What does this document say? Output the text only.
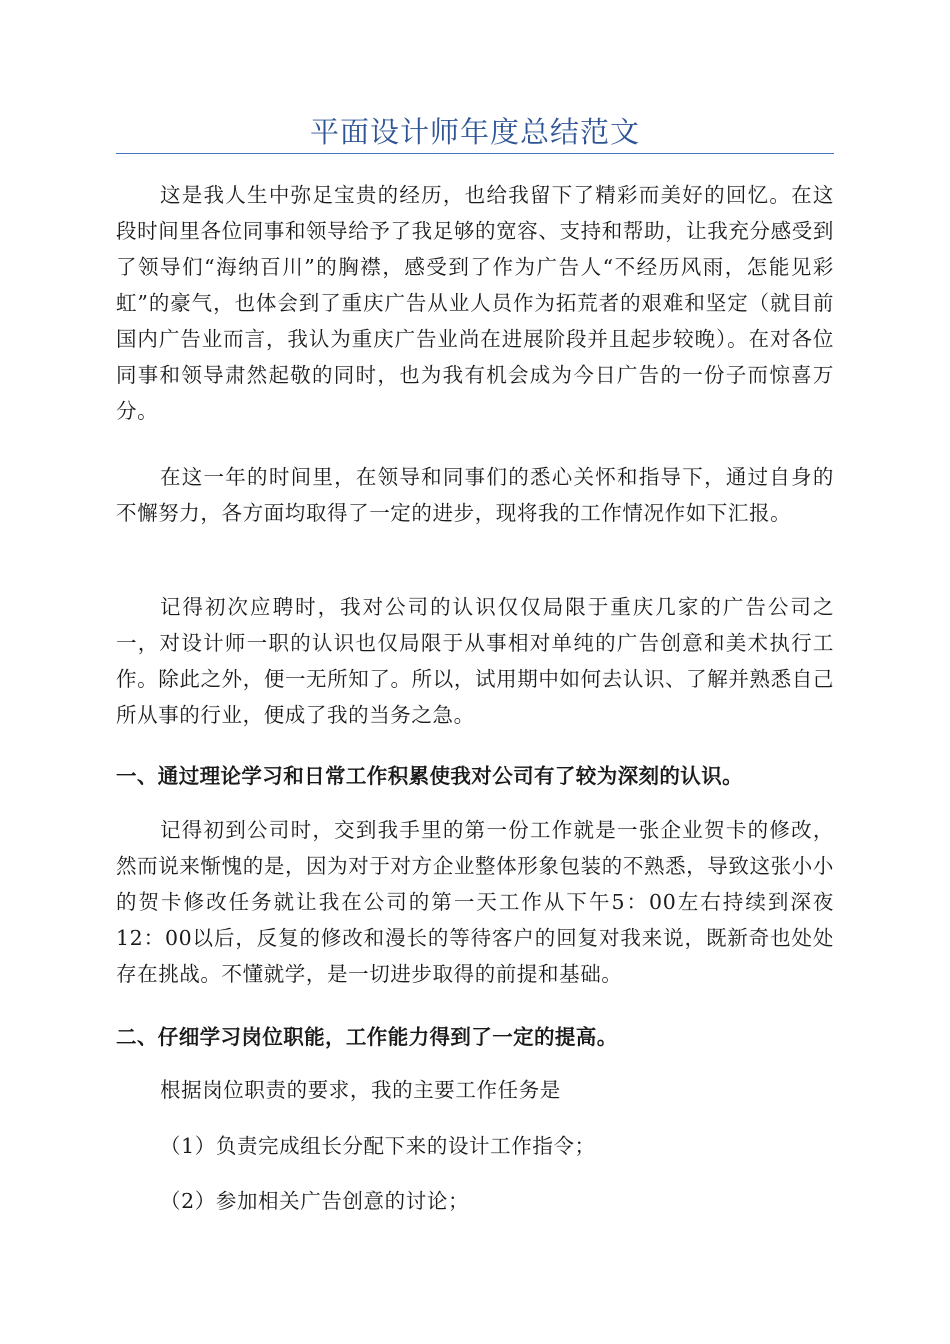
平面设计师年度总结范文

这是我人生中弥足宝贵的经历，也给我留下了精彩而美好的回忆。在这段时间里各位同事和领导给予了我足够的宽容、支持和帮助，让我充分感受到了领导们“海纳百川”的胸襟，感受到了作为广告人“不经历风雨，怎能见彩虹”的豪气，也体会到了重庆广告从业人员作为拓荒者的艰难和坚定（就目前国内广告业而言，我认为重庆广告业尚在进展阶段并且起步较晚）。在对各位同事和领导肃然起敬的同时，也为我有机会成为今日广告的一份子而惊喜万分。

在这一年的时间里，在领导和同事们的悉心关怀和指导下，通过自身的不懈努力，各方面均取得了一定的进步，现将我的工作情况作如下汇报。

记得初次应聘时，我对公司的认识仅仅局限于重庆几家的广告公司之一，对设计师一职的认识也仅局限于从事相对单纯的广告创意和美术执行工作。除此之外，便一无所知了。所以，试用期中如何去认识、了解并熟悉自己所从事的行业，便成了我的当务之急。

一、通过理论学习和日常工作积累使我对公司有了较为深刻的认识。

记得初到公司时，交到我手里的第一份工作就是一张企业贺卡的修改，然而说来惭愧的是，因为对于对方企业整体形象包装的不熟悉，导致这张小小的贺卡修改任务就让我在公司的第一天工作从下午5：00左右持续到深夜12：00以后，反复的修改和漫长的等待客户的回复对我来说，既新奇也处处存在挑战。不懂就学，是一切进步取得的前提和基础。

二、仔细学习岗位职能，工作能力得到了一定的提高。

根据岗位职责的要求，我的主要工作任务是

（1）负责完成组长分配下来的设计工作指令；

（2）参加相关广告创意的讨论；
